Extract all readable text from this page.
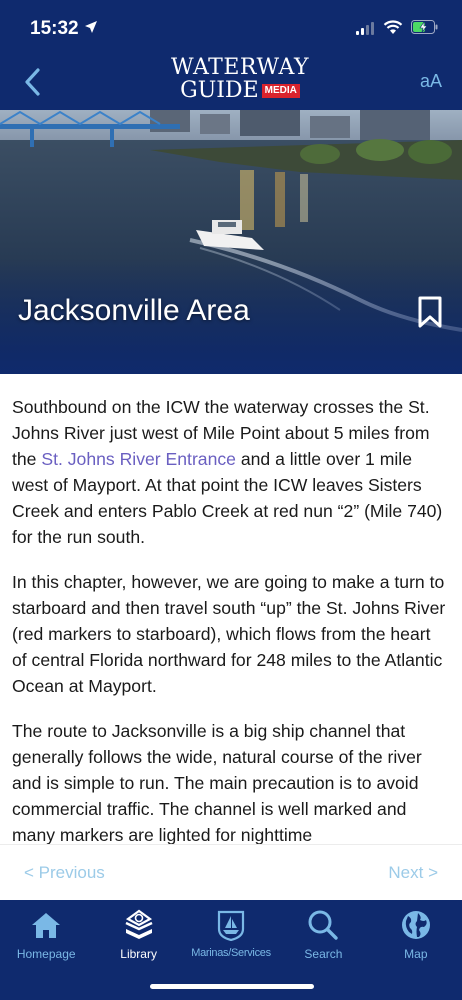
15:32
WATERWAY
GUIDE MEDIA	aA
Jacksonville Area

Southbound on the ICW the waterway crosses the St. Johns River just west of Mile Point about 5 miles from the St. Johns River Entrance and a little over 1 mile west of Mayport. At that point the ICW leaves Sisters Creek and enters Pablo Creek at red nun “2” (Mile 740) for the run south.

In this chapter, however, we are going to make a turn to starboard and then travel south “up” the St. Johns River (red markers to starboard), which flows from the heart of central Florida northward for 248 miles to the Atlantic Ocean at Mayport.

The route to Jacksonville is a big ship channel that generally follows the wide, natural course of the river and is simple to run. The main precaution is to avoid commercial traffic. The channel is well marked and many markers are lighted for nighttime

< Previous	Next >
Homepage	Library	Marinas/Services	Search	Map
